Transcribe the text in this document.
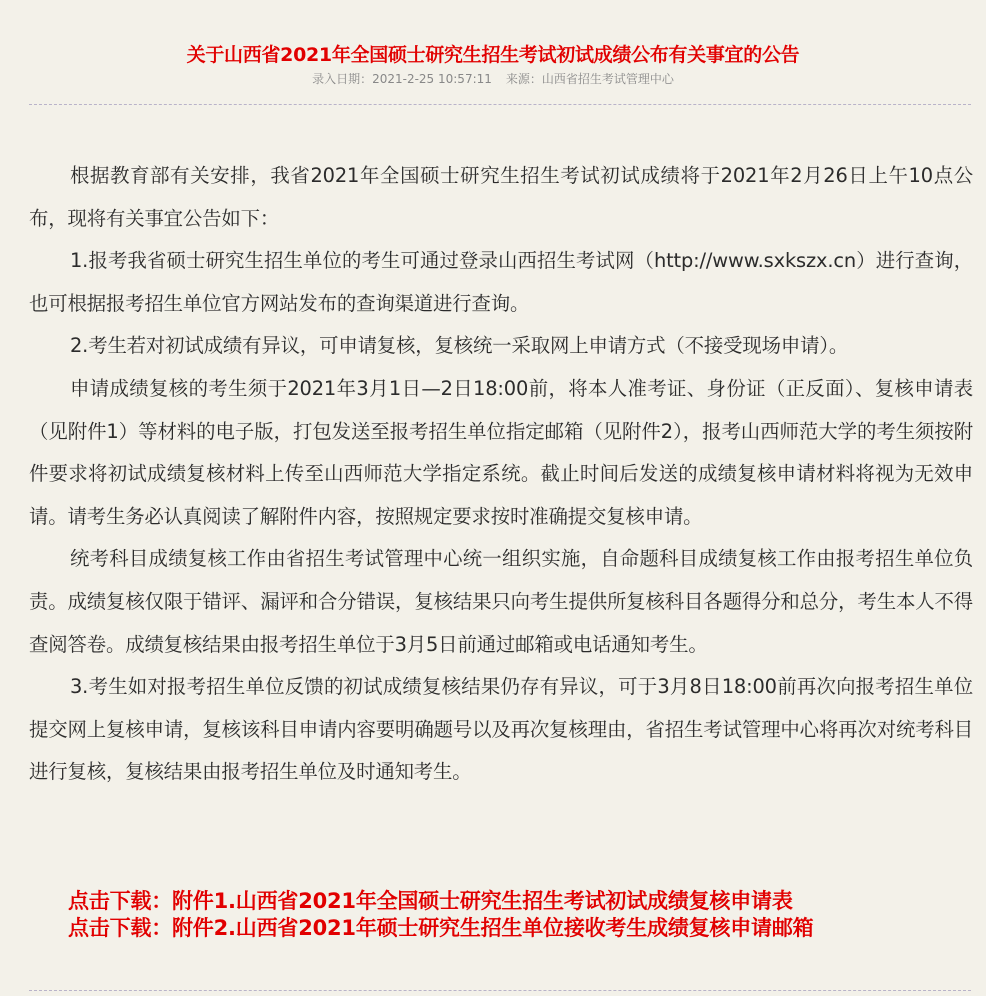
关于山西省2021年全国硕士研究生招生考试初试成绩公布有关事宜的公告
录入日期：2021-2-25 10:57:11 来源：山西省招生考试管理中心

根据教育部有关安排，我省2021年全国硕士研究生招生考试初试成绩将于2021年2月26日上午10点公布，现将有关事宜公告如下：

1.报考我省硕士研究生招生单位的考生可通过登录山西招生考试网（http://www.sxkszx.cn）进行查询，也可根据报考招生单位官方网站发布的查询渠道进行查询。

2.考生若对初试成绩有异议，可申请复核，复核统一采取网上申请方式（不接受现场申请）。

申请成绩复核的考生须于2021年3月1日—2日18:00前，将本人准考证、身份证（正反面）、复核申请表（见附件1）等材料的电子版，打包发送至报考招生单位指定邮箱（见附件2），报考山西师范大学的考生须按附件要求将初试成绩复核材料上传至山西师范大学指定系统。截止时间后发送的成绩复核申请材料将视为无效申请。请考生务必认真阅读了解附件内容，按照规定要求按时准确提交复核申请。

统考科目成绩复核工作由省招生考试管理中心统一组织实施，自命题科目成绩复核工作由报考招生单位负责。成绩复核仅限于错评、漏评和合分错误，复核结果只向考生提供所复核科目各题得分和总分，考生本人不得查阅答卷。成绩复核结果由报考招生单位于3月5日前通过邮箱或电话通知考生。

3.考生如对报考招生单位反馈的初试成绩复核结果仍存有异议，可于3月8日18:00前再次向报考招生单位提交网上复核申请，复核该科目申请内容要明确题号以及再次复核理由，省招生考试管理中心将再次对统考科目进行复核，复核结果由报考招生单位及时通知考生。

点击下载：附件1.山西省2021年全国硕士研究生招生考试初试成绩复核申请表
点击下载：附件2.山西省2021年硕士研究生招生单位接收考生成绩复核申请邮箱
